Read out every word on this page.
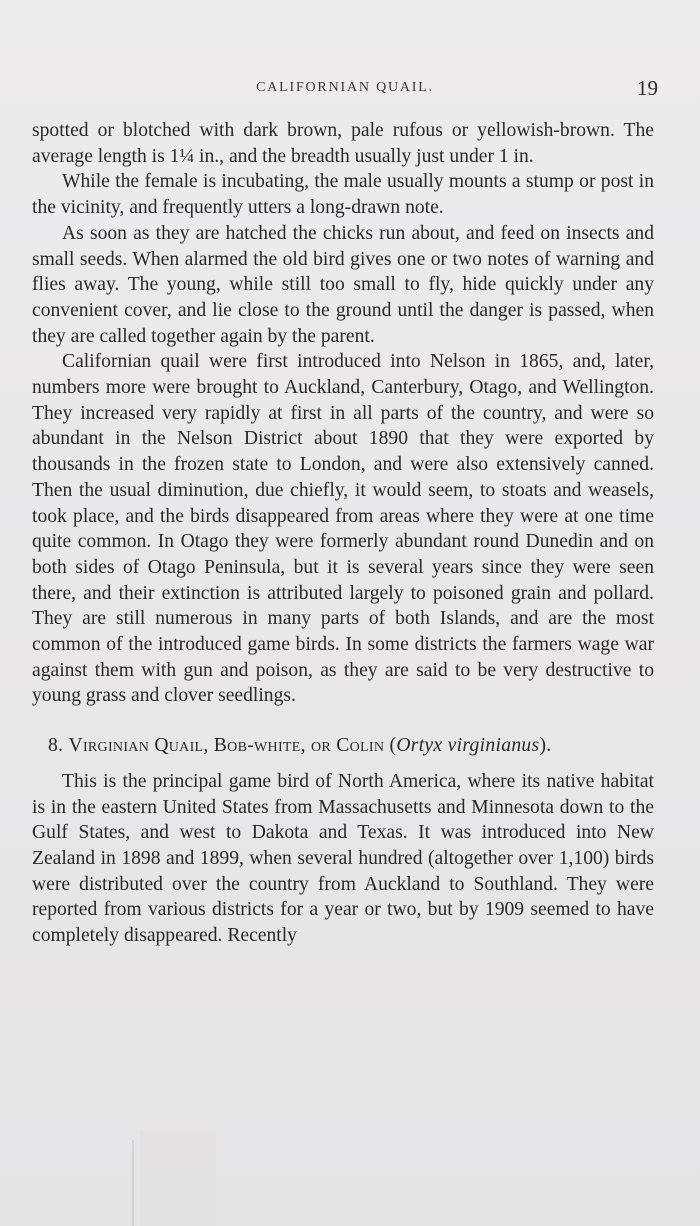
CALIFORNIAN QUAIL.	19

spotted or blotched with dark brown, pale rufous or yellowish-brown. The average length is 1¼ in., and the breadth usually just under 1 in.

While the female is incubating, the male usually mounts a stump or post in the vicinity, and frequently utters a long-drawn note.

As soon as they are hatched the chicks run about, and feed on insects and small seeds. When alarmed the old bird gives one or two notes of warning and flies away. The young, while still too small to fly, hide quickly under any convenient cover, and lie close to the ground until the danger is passed, when they are called together again by the parent.

Californian quail were first introduced into Nelson in 1865, and, later, numbers more were brought to Auckland, Canterbury, Otago, and Wellington. They increased very rapidly at first in all parts of the country, and were so abundant in the Nelson District about 1890 that they were exported by thousands in the frozen state to London, and were also extensively canned. Then the usual diminution, due chiefly, it would seem, to stoats and weasels, took place, and the birds disappeared from areas where they were at one time quite common. In Otago they were formerly abundant round Dunedin and on both sides of Otago Peninsula, but it is several years since they were seen there, and their extinction is attributed largely to poisoned grain and pollard. They are still numerous in many parts of both Islands, and are the most common of the introduced game birds. In some districts the farmers wage war against them with gun and poison, as they are said to be very destructive to young grass and clover seedlings.

8. Virginian Quail, Bob-white, or Colin (Ortyx virginianus).

This is the principal game bird of North America, where its native habitat is in the eastern United States from Massachusetts and Minnesota down to the Gulf States, and west to Dakota and Texas. It was introduced into New Zealand in 1898 and 1899, when several hundred (altogether over 1,100) birds were distributed over the country from Auckland to Southland. They were reported from various districts for a year or two, but by 1909 seemed to have completely disappeared. Recently
